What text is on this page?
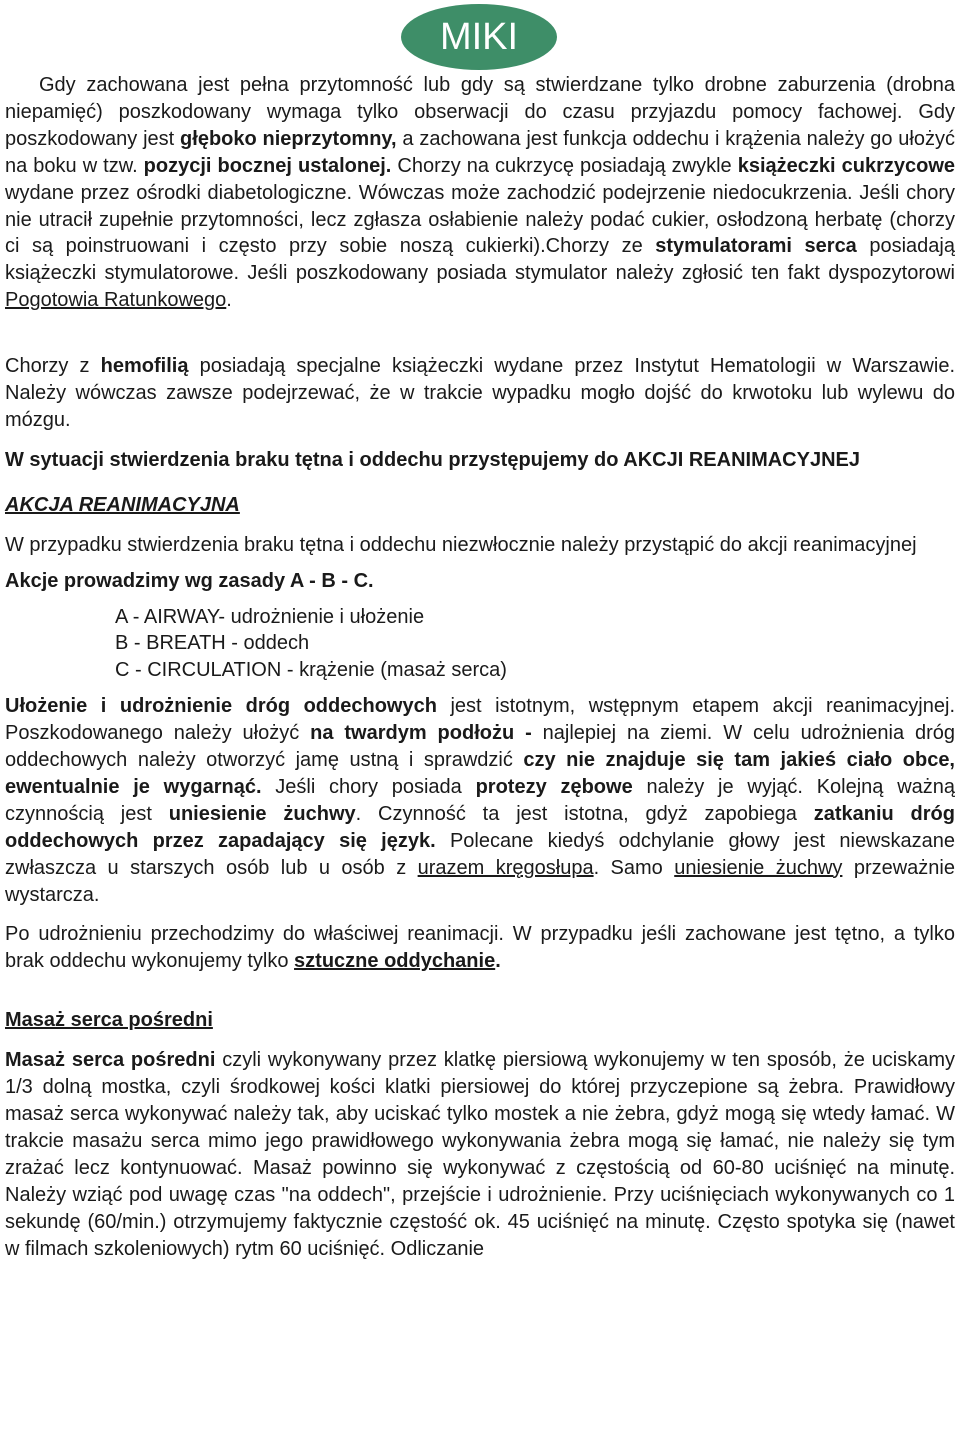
MIKI

Gdy zachowana jest pełna przytomność lub gdy są stwierdzane tylko drobne zaburzenia (drobna niepamięć) poszkodowany wymaga tylko obserwacji do czasu przyjazdu pomocy fachowej. Gdy poszkodowany jest głęboko nieprzytomny, a zachowana jest funkcja oddechu i krążenia należy go ułożyć na boku w tzw. pozycji bocznej ustalonej. Chorzy na cukrzycę posiadają zwykle książeczki cukrzycowe wydane przez ośrodki diabetologiczne. Wówczas może zachodzić podejrzenie niedocukrzenia. Jeśli chory nie utracił zupełnie przytomności, lecz zgłasza osłabienie należy podać cukier, osłodzoną herbatę (chorzy ci są poinstruowani i często przy sobie noszą cukierki).Chorzy ze stymulatorami serca posiadają książeczki stymulatorowe. Jeśli poszkodowany posiada stymulator należy zgłosić ten fakt dyspozytorowi Pogotowia Ratunkowego.

Chorzy z hemofilią posiadają specjalne książeczki wydane przez Instytut Hematologii w Warszawie. Należy wówczas zawsze podejrzewać, że w trakcie wypadku mogło dojść do krwotoku lub wylewu do mózgu.

W sytuacji stwierdzenia braku tętna i oddechu przystępujemy do AKCJI REANIMACYJNEJ

AKCJA REANIMACYJNA

W przypadku stwierdzenia braku tętna i oddechu niezwłocznie należy przystąpić do akcji reanimacyjnej

Akcje prowadzimy wg zasady A - B - C.

A - AIRWAY- udrożnienie i ułożenie

B - BREATH - oddech

C - CIRCULATION - krążenie (masaż serca)

Ułożenie i udrożnienie dróg oddechowych jest istotnym, wstępnym etapem akcji reanimacyjnej. Poszkodowanego należy ułożyć na twardym podłożu - najlepiej na ziemi. W celu udrożnienia dróg oddechowych należy otworzyć jamę ustną i sprawdzić czy nie znajduje się tam jakieś ciało obce, ewentualnie je wygarnąć. Jeśli chory posiada protezy zębowe należy je wyjąć. Kolejną ważną czynnością jest uniesienie żuchwy. Czynność ta jest istotna, gdyż zapobiega zatkaniu dróg oddechowych przez zapadający się język. Polecane kiedyś odchylanie głowy jest niewskazane zwłaszcza u starszych osób lub u osób z urazem kręgosłupa. Samo uniesienie żuchwy przeważnie wystarcza.

Po udrożnieniu przechodzimy do właściwej reanimacji. W przypadku jeśli zachowane jest tętno, a tylko brak oddechu wykonujemy tylko sztuczne oddychanie.

Masaż serca pośredni

Masaż serca pośredni czyli wykonywany przez klatkę piersiową wykonujemy w ten sposób, że uciskamy 1/3 dolną mostka, czyli środkowej kości klatki piersiowej do której przyczepione są żebra. Prawidłowy masaż serca wykonywać należy tak, aby uciskać tylko mostek a nie żebra, gdyż mogą się wtedy łamać. W trakcie masażu serca mimo jego prawidłowego wykonywania żebra mogą się łamać, nie należy się tym zrażać lecz kontynuować. Masaż powinno się wykonywać z częstością od 60-80 uciśnięć na minutę. Należy wziąć pod uwagę czas "na oddech", przejście i udrożnienie. Przy uciśnięciach wykonywanych co 1 sekundę (60/min.) otrzymujemy faktycznie częstość ok. 45 uciśnięć na minutę. Często spotyka się (nawet w filmach szkoleniowych) rytm 60 uciśnięć. Odliczanie
